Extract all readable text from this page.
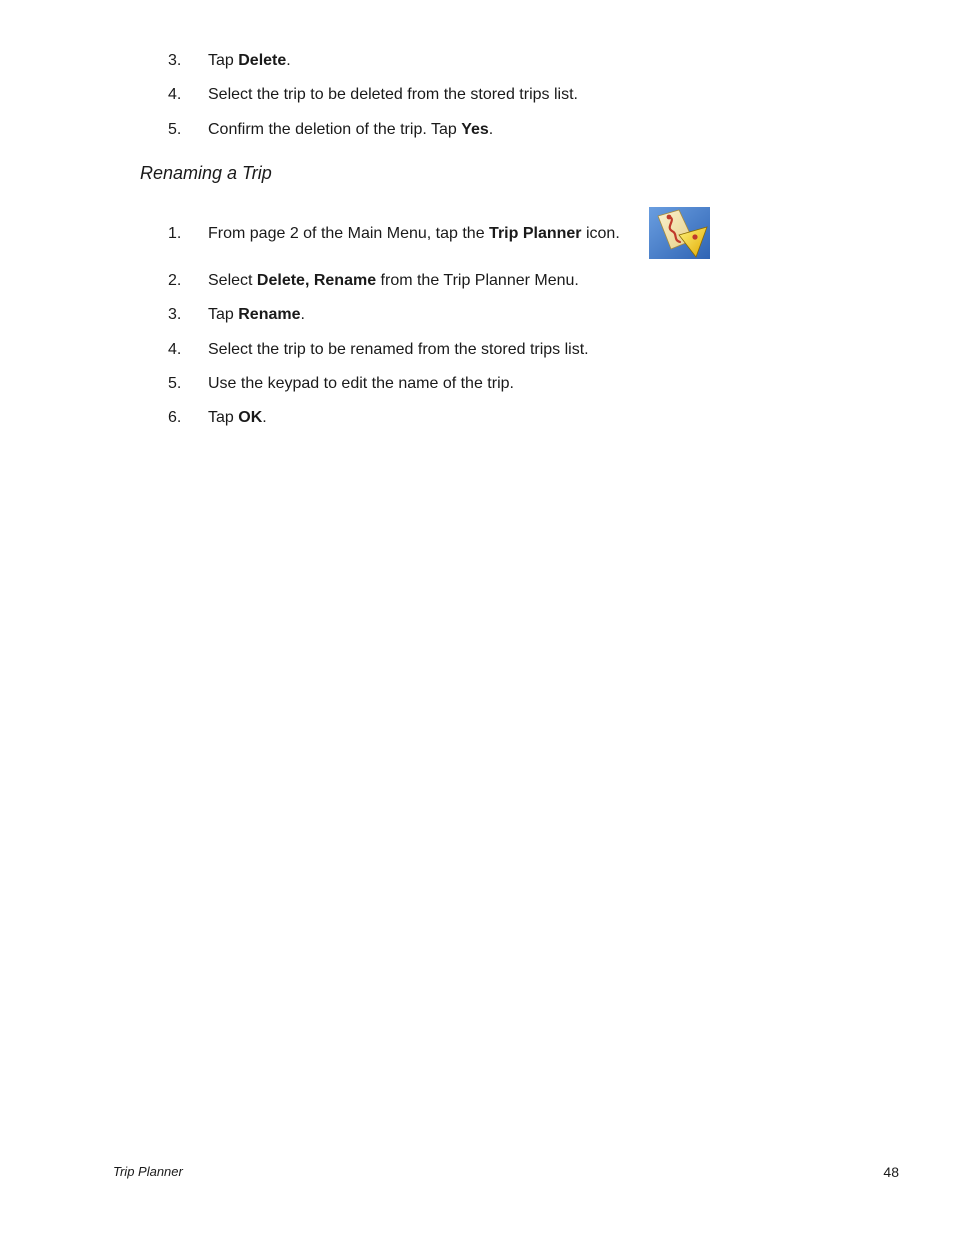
3. Tap Delete.
4. Select the trip to be deleted from the stored trips list.
5. Confirm the deletion of the trip. Tap Yes.
Renaming a Trip
1. From page 2 of the Main Menu, tap the Trip Planner icon.
2. Select Delete, Rename from the Trip Planner Menu.
3. Tap Rename.
4. Select the trip to be renamed from the stored trips list.
5. Use the keypad to edit the name of the trip.
6. Tap OK.
Trip Planner	48
